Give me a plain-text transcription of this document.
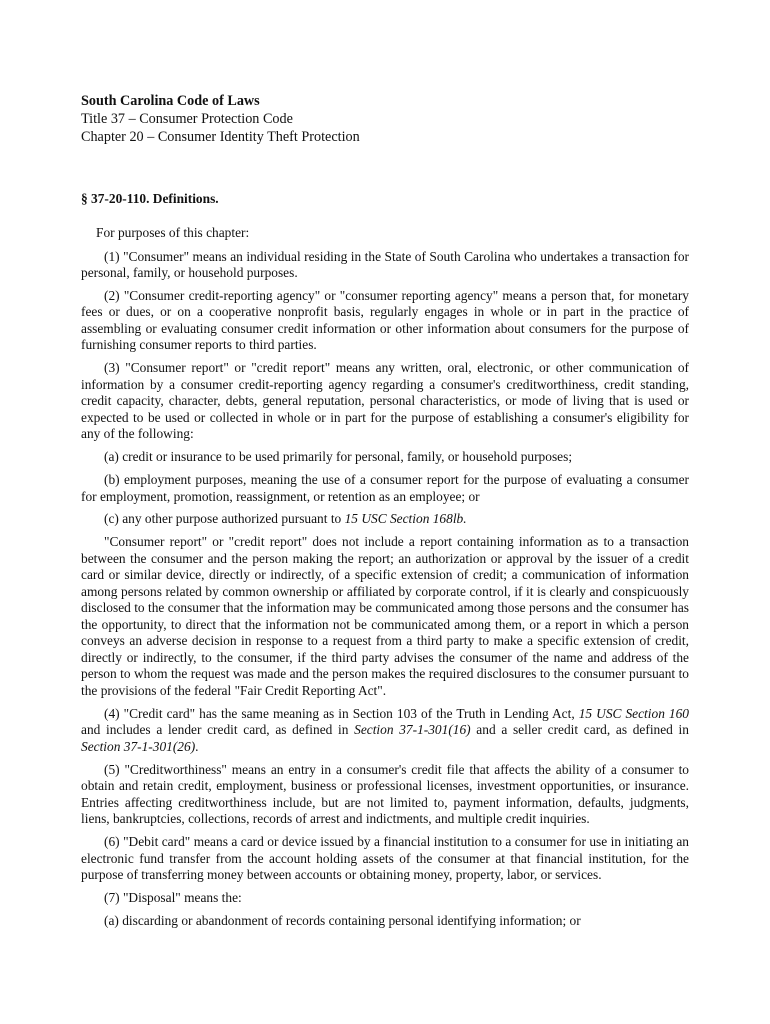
South Carolina Code of Laws
Title 37 – Consumer Protection Code
Chapter 20 – Consumer Identity Theft Protection
§ 37-20-110. Definitions.

For purposes of this chapter:

(1) "Consumer" means an individual residing in the State of South Carolina who undertakes a transaction for personal, family, or household purposes.

(2) "Consumer credit-reporting agency" or "consumer reporting agency" means a person that, for monetary fees or dues, or on a cooperative nonprofit basis, regularly engages in whole or in part in the practice of assembling or evaluating consumer credit information or other information about consumers for the purpose of furnishing consumer reports to third parties.

(3) "Consumer report" or "credit report" means any written, oral, electronic, or other communication of information by a consumer credit-reporting agency regarding a consumer's creditworthiness, credit standing, credit capacity, character, debts, general reputation, personal characteristics, or mode of living that is used or expected to be used or collected in whole or in part for the purpose of establishing a consumer's eligibility for any of the following:

(a) credit or insurance to be used primarily for personal, family, or household purposes;

(b) employment purposes, meaning the use of a consumer report for the purpose of evaluating a consumer for employment, promotion, reassignment, or retention as an employee; or

(c) any other purpose authorized pursuant to 15 USC Section 168lb.

"Consumer report" or "credit report" does not include a report containing information as to a transaction between the consumer and the person making the report; an authorization or approval by the issuer of a credit card or similar device, directly or indirectly, of a specific extension of credit; a communication of information among persons related by common ownership or affiliated by corporate control, if it is clearly and conspicuously disclosed to the consumer that the information may be communicated among those persons and the consumer has the opportunity, to direct that the information not be communicated among them, or a report in which a person conveys an adverse decision in response to a request from a third party to make a specific extension of credit, directly or indirectly, to the consumer, if the third party advises the consumer of the name and address of the person to whom the request was made and the person makes the required disclosures to the consumer pursuant to the provisions of the federal "Fair Credit Reporting Act".

(4) "Credit card" has the same meaning as in Section 103 of the Truth in Lending Act, 15 USC Section 160 and includes a lender credit card, as defined in Section 37-1-301(16) and a seller credit card, as defined in Section 37-1-301(26).

(5) "Creditworthiness" means an entry in a consumer's credit file that affects the ability of a consumer to obtain and retain credit, employment, business or professional licenses, investment opportunities, or insurance. Entries affecting creditworthiness include, but are not limited to, payment information, defaults, judgments, liens, bankruptcies, collections, records of arrest and indictments, and multiple credit inquiries.

(6) "Debit card" means a card or device issued by a financial institution to a consumer for use in initiating an electronic fund transfer from the account holding assets of the consumer at that financial institution, for the purpose of transferring money between accounts or obtaining money, property, labor, or services.

(7) "Disposal" means the:

(a) discarding or abandonment of records containing personal identifying information; or
